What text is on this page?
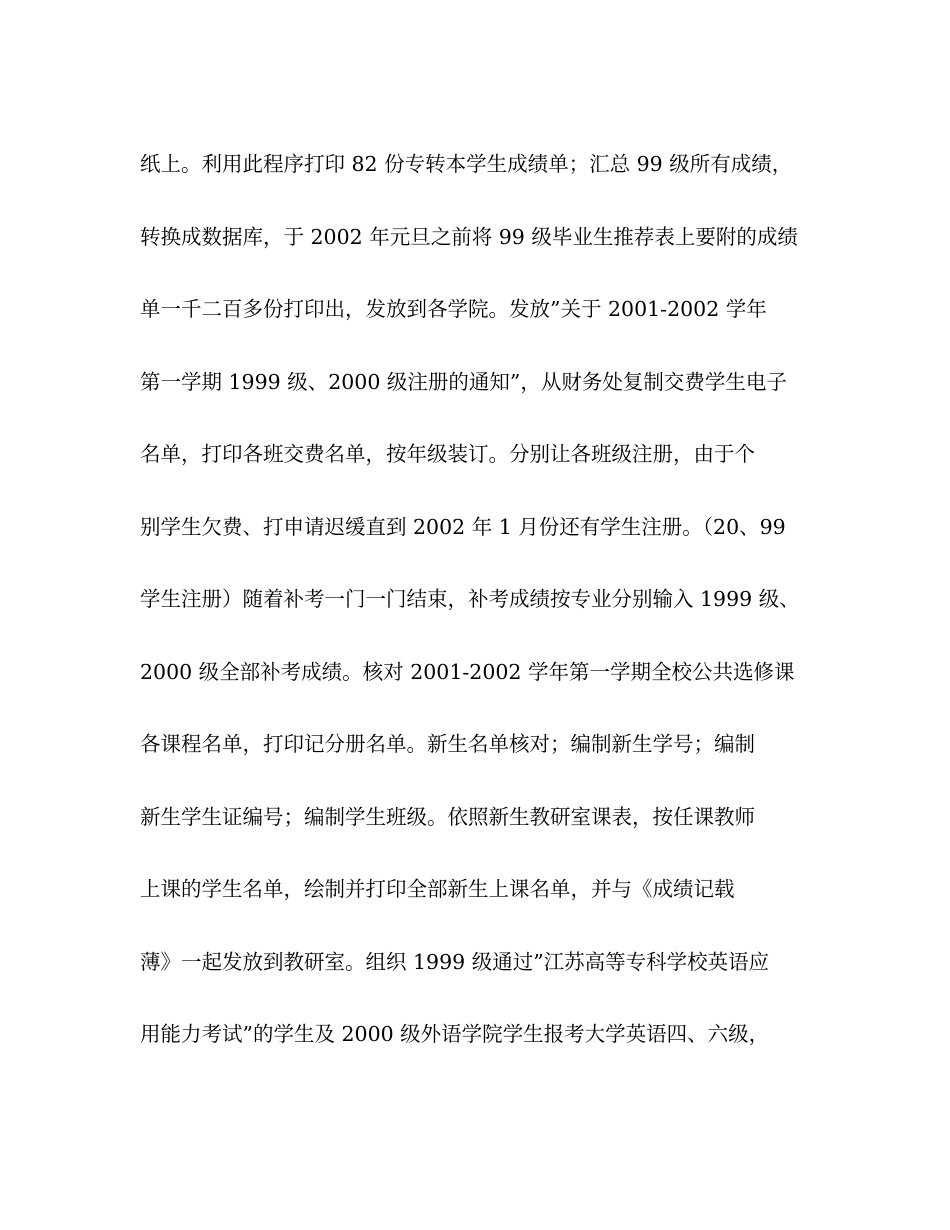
纸上。利用此程序打印 82 份专转本学生成绩单；汇总 99 级所有成绩，
转换成数据库，于 2002 年元旦之前将 99 级毕业生推荐表上要附的成绩
单一千二百多份打印出，发放到各学院。发放”关于 2001-2002 学年
第一学期 1999 级、2000 级注册的通知”，从财务处复制交费学生电子
名单，打印各班交费名单，按年级装订。分别让各班级注册，由于个
别学生欠费、打申请迟缓直到 2002 年 1 月份还有学生注册。（20、99
学生注册）随着补考一门一门结束，补考成绩按专业分别输入 1999 级、
2000 级全部补考成绩。核对 2001-2002 学年第一学期全校公共选修课
各课程名单，打印记分册名单。新生名单核对；编制新生学号；编制
新生学生证编号；编制学生班级。依照新生教研室课表，按任课教师
上课的学生名单，绘制并打印全部新生上课名单，并与《成绩记载
薄》一起发放到教研室。组织 1999 级通过”江苏高等专科学校英语应
用能力考试”的学生及 2000 级外语学院学生报考大学英语四、六级，
